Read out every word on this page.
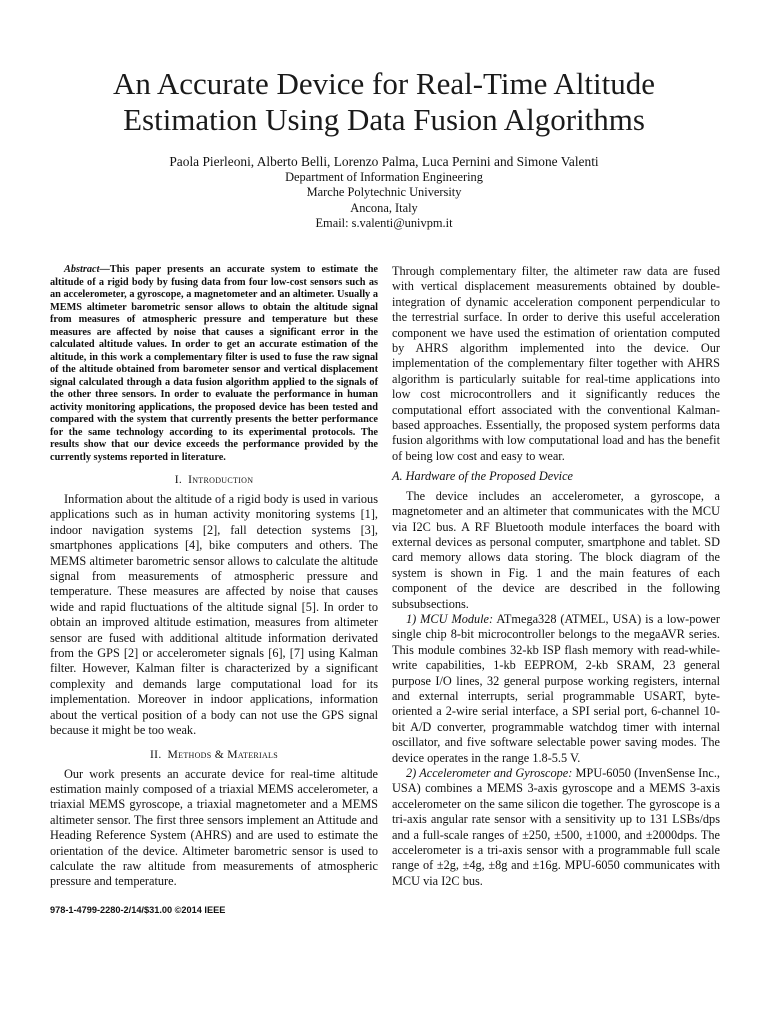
An Accurate Device for Real-Time Altitude
Estimation Using Data Fusion Algorithms
Paola Pierleoni, Alberto Belli, Lorenzo Palma, Luca Pernini and Simone Valenti
Department of Information Engineering
Marche Polytechnic University
Ancona, Italy
Email: s.valenti@univpm.it

Abstract—This paper presents an accurate system to estimate the altitude of a rigid body by fusing data from four low-cost sensors such as an accelerometer, a gyroscope, a magnetometer and an altimeter. Usually a MEMS altimeter barometric sensor allows to obtain the altitude signal from measures of atmospheric pressure and temperature but these measures are affected by noise that causes a significant error in the calculated altitude values. In order to get an accurate estimation of the altitude, in this work a complementary filter is used to fuse the raw signal of the altitude obtained from barometer sensor and vertical displacement signal calculated through a data fusion algorithm applied to the signals of the other three sensors. In order to evaluate the performance in human activity monitoring applications, the proposed device has been tested and compared with the system that currently presents the better performance for the same technology according to its experimental protocols. The results show that our device exceeds the performance provided by the currently systems reported in literature.

I. Introduction

Information about the altitude of a rigid body is used in various applications such as in human activity monitoring systems [1], indoor navigation systems [2], fall detection systems [3], smartphones applications [4], bike computers and others. The MEMS altimeter barometric sensor allows to calculate the altitude signal from measurements of atmospheric pressure and temperature. These measures are affected by noise that causes wide and rapid fluctuations of the altitude signal [5]. In order to obtain an improved altitude estimation, measures from altimeter sensor are fused with additional altitude information derivated from the GPS [2] or accelerometer signals [6], [7] using Kalman filter. However, Kalman filter is characterized by a significant complexity and demands large computational load for its implementation. Moreover in indoor applications, information about the vertical position of a body can not use the GPS signal because it might be too weak.

II. Methods & Materials

Our work presents an accurate device for real-time altitude estimation mainly composed of a triaxial MEMS accelerometer, a triaxial MEMS gyroscope, a triaxial magnetometer and a MEMS altimeter sensor. The first three sensors implement an Attitude and Heading Reference System (AHRS) and are used to estimate the orientation of the device. Altimeter barometric sensor is used to calculate the raw altitude from measurements of atmospheric pressure and temperature.

Through complementary filter, the altimeter raw data are fused with vertical displacement measurements obtained by double-integration of dynamic acceleration component perpendicular to the terrestrial surface. In order to derive this useful acceleration component we have used the estimation of orientation computed by AHRS algorithm implemented into the device. Our implementation of the complementary filter together with AHRS algorithm is particularly suitable for real-time applications into low cost microcontrollers and it significantly reduces the computational effort associated with the conventional Kalman-based approaches. Essentially, the proposed system performs data fusion algorithms with low computational load and has the benefit of being low cost and easy to wear.

A. Hardware of the Proposed Device

The device includes an accelerometer, a gyroscope, a magnetometer and an altimeter that communicates with the MCU via I2C bus. A RF Bluetooth module interfaces the board with external devices as personal computer, smartphone and tablet. SD card memory allows data storing. The block diagram of the system is shown in Fig. 1 and the main features of each component of the device are described in the following subsubsections.

1) MCU Module: ATmega328 (ATMEL, USA) is a low-power single chip 8-bit microcontroller belongs to the megaAVR series. This module combines 32-kb ISP flash memory with read-while-write capabilities, 1-kb EEPROM, 2-kb SRAM, 23 general purpose I/O lines, 32 general purpose working registers, internal and external interrupts, serial programmable USART, byte-oriented a 2-wire serial interface, a SPI serial port, 6-channel 10-bit A/D converter, programmable watchdog timer with internal oscillator, and five software selectable power saving modes. The device operates in the range 1.8-5.5 V.

2) Accelerometer and Gyroscope: MPU-6050 (InvenSense Inc., USA) combines a MEMS 3-axis gyroscope and a MEMS 3-axis accelerometer on the same silicon die together. The gyroscope is a tri-axis angular rate sensor with a sensitivity up to 131 LSBs/dps and a full-scale ranges of ±250, ±500, ±1000, and ±2000dps. The accelerometer is a tri-axis sensor with a programmable full scale range of ±2g, ±4g, ±8g and ±16g. MPU-6050 communicates with MCU via I2C bus.

978-1-4799-2280-2/14/$31.00 ©2014 IEEE
